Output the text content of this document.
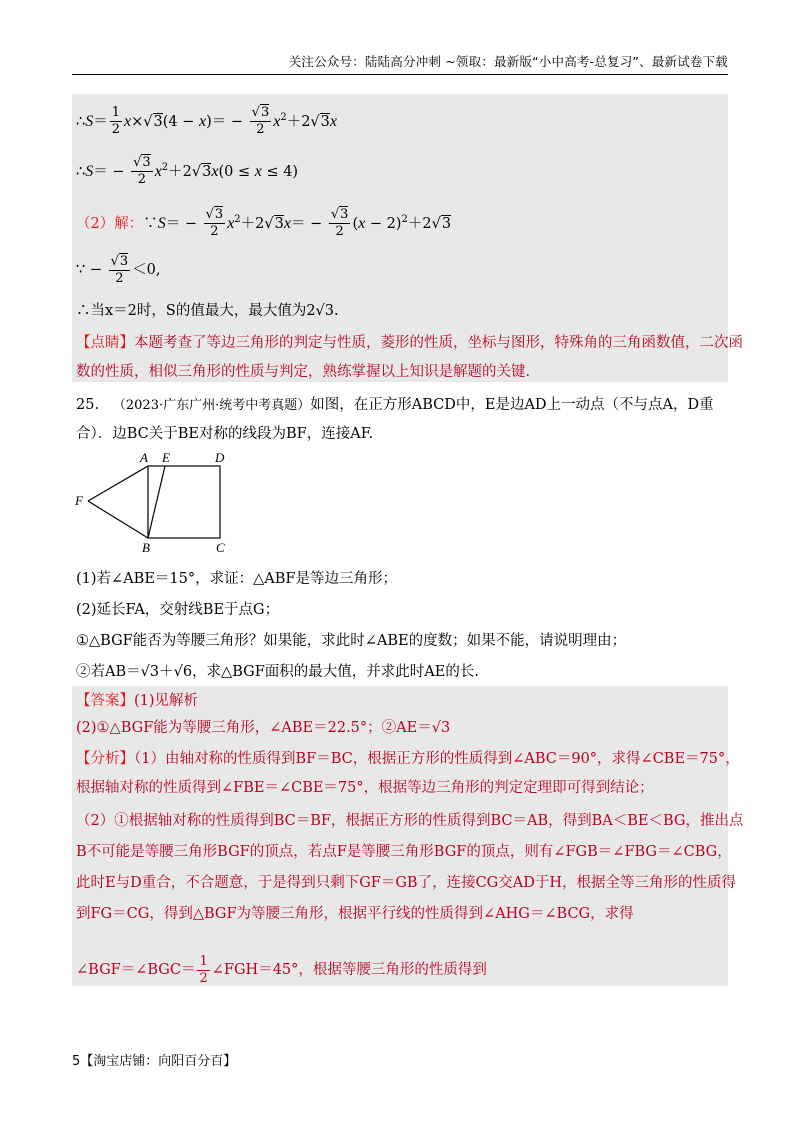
关注公众号：陆陆高分冲刺 ~领取：最新版“小中高考-总复习”、最新试卷下载
∴S＝ $\frac{1}{2} x\times√3(4 - x)= - \frac{√3}{2} x^2+2√3x$
∴S＝ − $\frac{√3}{2} x^2+2√3x(0 \le x \le 4)$
（2）解：∵S＝ − $\frac{√3}{2} x^2+2√3x= - \frac{√3}{2} (x - 2)^2+2√3$
∵ − $\frac{√3}{2} <0$,
∴当x＝2时，S的值最大，最大值为2√3.
【点睛】本题考查了等边三角形的判定与性质，菱形的性质，坐标与图形，特殊角的三角函数值，二次函
数的性质，相似三角形的性质与判定，熟练掌握以上知识是解题的关键.
25. （2023·广东广州·统考中考真题）如图，在正方形ABCD中，E是边AD上一动点（不与点A，D重
合）．边BC关于BE对称的线段为BF，连接AF.
A E	D
F
B	C
(1)若∠ABE＝15°，求证：△ABF是等边三角形；
(2)延长FA，交射线BE于点G；
①△BGF能否为等腰三角形？如果能，求此时∠ABE的度数；如果不能，请说明理由；
②若AB＝√3＋√6，求△BGF面积的最大值，并求此时AE的长.
【答案】(1)见解析
(2)①△BGF能为等腰三角形，∠ABE＝22.5°；②AE＝√3
【分析】（1）由轴对称的性质得到BF＝BC，根据正方形的性质得到∠ABC＝90°，求得∠CBE＝75°，
根据轴对称的性质得到∠FBE＝∠CBE＝75°，根据等边三角形的判定定理即可得到结论；
（2）①根据轴对称的性质得到BC＝BF，根据正方形的性质得到BC＝AB，得到BA＜BE＜BG，推出点
B不可能是等腰三角形BGF的顶点，若点F是等腰三角形BGF的顶点，则有∠FGB＝∠FBG＝∠CBG，
此时E与D重合，不合题意，于是得到只剩下GF＝GB了，连接CG交AD于H，根据全等三角形的性质得
到FG＝CG，得到△BGF为等腰三角形，根据平行线的性质得到∠AHG＝∠BCG，求得
∠BGF＝∠BGC＝ $\frac{1}{2}$ ∠FGH＝45°，根据等腰三角形的性质得到
5【淘宝店铺：向阳百分百】
